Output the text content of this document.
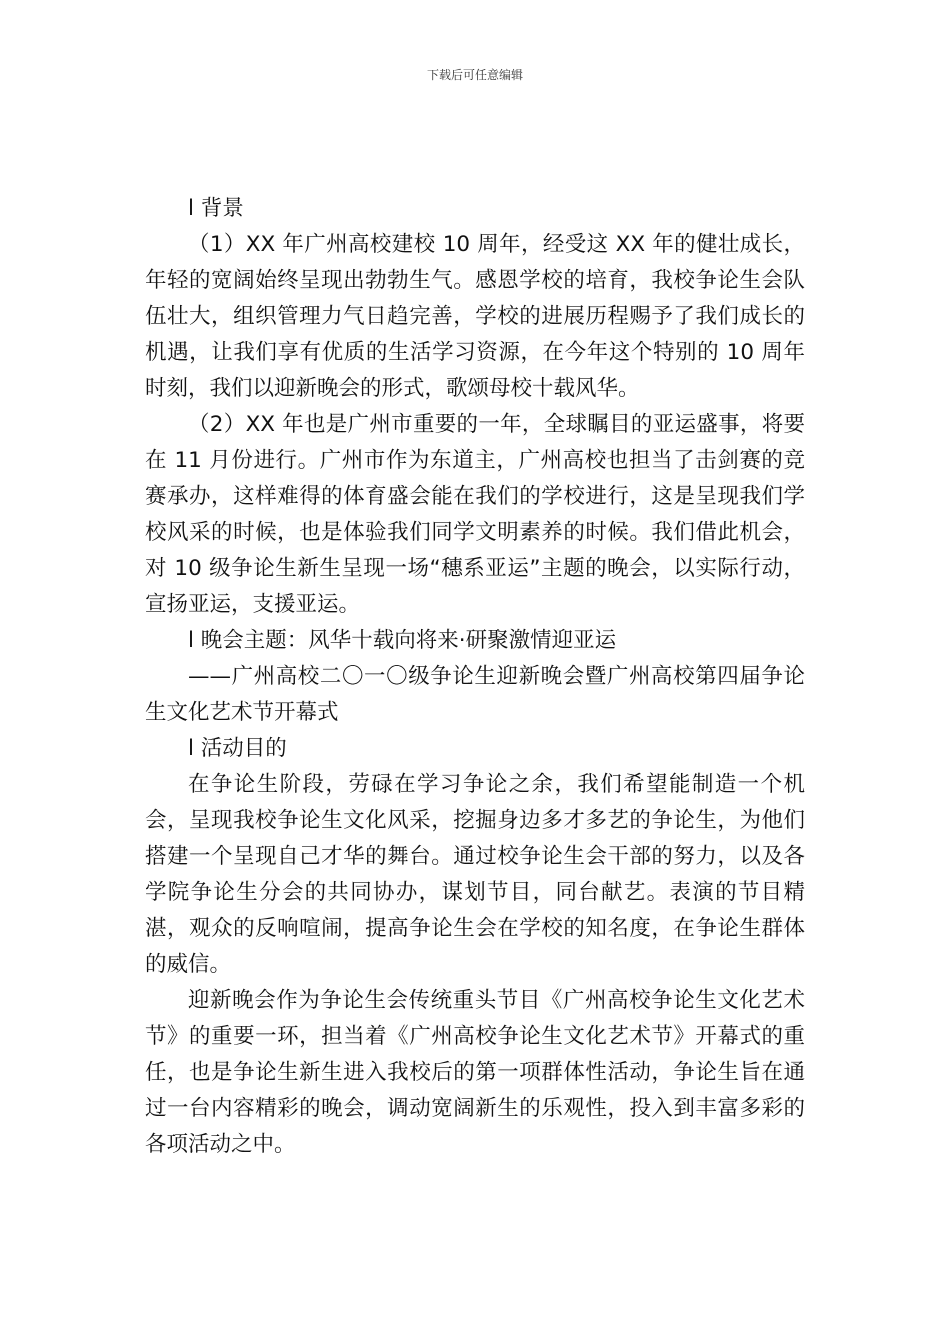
下载后可任意编辑

l 背景

（1）XX 年广州高校建校 10 周年，经受这 XX 年的健壮成长，年轻的宽阔始终呈现出勃勃生气。感恩学校的培育，我校争论生会队伍壮大，组织管理力气日趋完善，学校的进展历程赐予了我们成长的机遇，让我们享有优质的生活学习资源，在今年这个特别的 10 周年时刻，我们以迎新晚会的形式，歌颂母校十载风华。

（2）XX 年也是广州市重要的一年，全球瞩目的亚运盛事，将要在 11 月份进行。广州市作为东道主，广州高校也担当了击剑赛的竞赛承办，这样难得的体育盛会能在我们的学校进行，这是呈现我们学校风采的时候，也是体验我们同学文明素养的时候。我们借此机会，对 10 级争论生新生呈现一场“穗系亚运”主题的晚会，以实际行动，宣扬亚运，支援亚运。

l 晚会主题：风华十载向将来·研聚激情迎亚运

——广州高校二〇一〇级争论生迎新晚会暨广州高校第四届争论生文化艺术节开幕式

l 活动目的

在争论生阶段，劳碌在学习争论之余，我们希望能制造一个机会，呈现我校争论生文化风采，挖掘身边多才多艺的争论生，为他们搭建一个呈现自己才华的舞台。通过校争论生会干部的努力，以及各学院争论生分会的共同协办，谋划节目，同台献艺。表演的节目精湛，观众的反响喧闹，提高争论生会在学校的知名度，在争论生群体的威信。

迎新晚会作为争论生会传统重头节目《广州高校争论生文化艺术节》的重要一环，担当着《广州高校争论生文化艺术节》开幕式的重任，也是争论生新生进入我校后的第一项群体性活动，争论生旨在通过一台内容精彩的晚会，调动宽阔新生的乐观性，投入到丰富多彩的各项活动之中。
